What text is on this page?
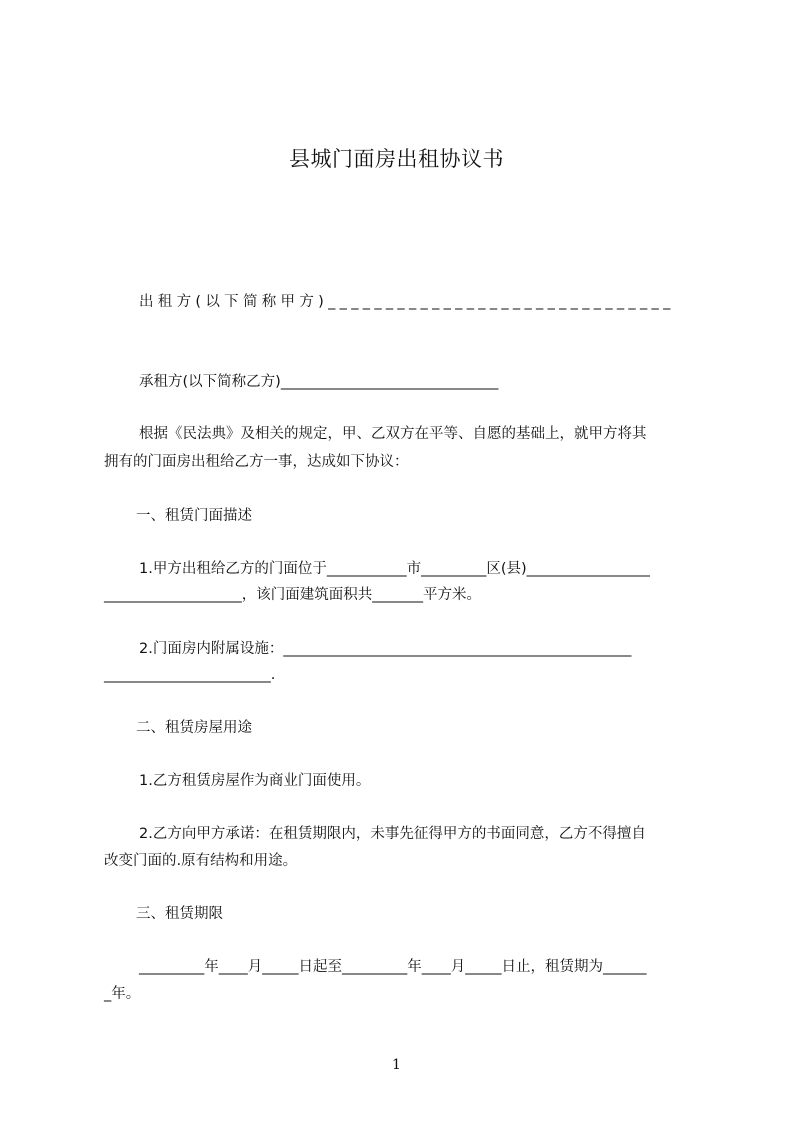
县城门面房出租协议书
出租方(以下简称甲方)______________________________
承租方(以下简称乙方)______________________________
根据《民法典》及相关的规定，甲、乙双方在平等、自愿的基础上，就甲方将其
拥有的门面房出租给乙方一事，达成如下协议：
一、租赁门面描述
1.甲方出租给乙方的门面位于___________市_________区(县)_________________
___________________，该门面建筑面积共_______平方米。
2.门面房内附属设施：________________________________________________
_______________________.
二、租赁房屋用途
1.乙方租赁房屋作为商业门面使用。
2.乙方向甲方承诺：在租赁期限内，未事先征得甲方的书面同意，乙方不得擅自
改变门面的.原有结构和用途。
三、租赁期限
_________年____月_____日起至_________年____月_____日止，租赁期为______
_年。
1
